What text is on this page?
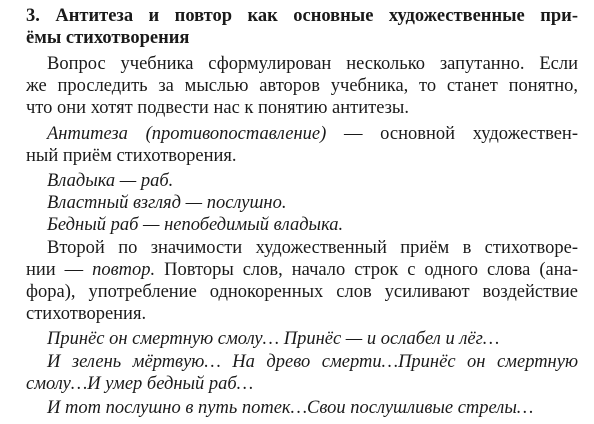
3. Антитеза и повтор как основные художественные при-

ёмы стихотворения

Вопрос учебника сформулирован несколько запутанно. Если

же проследить за мыслью авторов учебника, то станет понятно,

что они хотят подвести нас к понятию антитезы.

Антитеза (противопоставление) — основной художествен-

ный приём стихотворения.

Владыка — раб.

Властный взгляд — послушно.

Бедный раб — непобедимый владыка.

Второй по значимости художественный приём в стихотворе-

нии — повтор. Повторы слов, начало строк с одного слова (ана-

фора), употребление однокоренных слов усиливают воздействие

стихотворения.

Принёс он смертную смолу… Принёс — и ослабел и лёг…

И зелень мёртвую… На древо смерти…Принёс он смертную

смолу…И умер бедный раб…

И тот послушно в путь потек…Свои послушливые стрелы…
